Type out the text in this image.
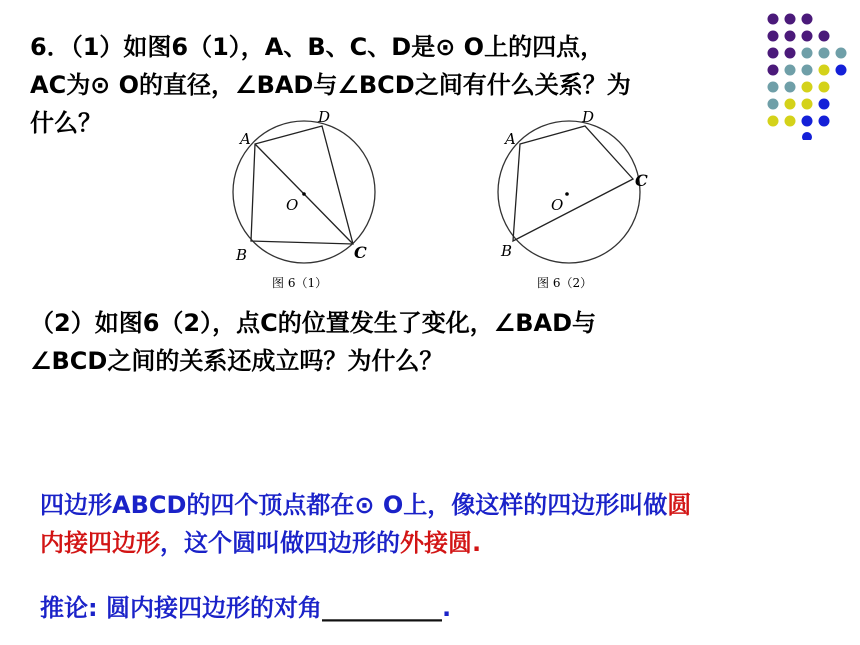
6．（1）如图6（1），A、B、C、D是⊙ O上的四点，
AC为⊙ O的直径，∠BAD与∠BCD之间有什么关系？为
什么？
A
D
O
B	C
图 6（1）
A
D
C
O
B
图 6（2）
（2）如图6（2），点C的位置发生了变化，∠BAD与
∠BCD之间的关系还成立吗？为什么？
四边形ABCD的四个顶点都在⊙ O上，像这样的四边形叫做圆
内接四边形，这个圆叫做四边形的外接圆.
推论: 圆内接四边形的对角__________.
